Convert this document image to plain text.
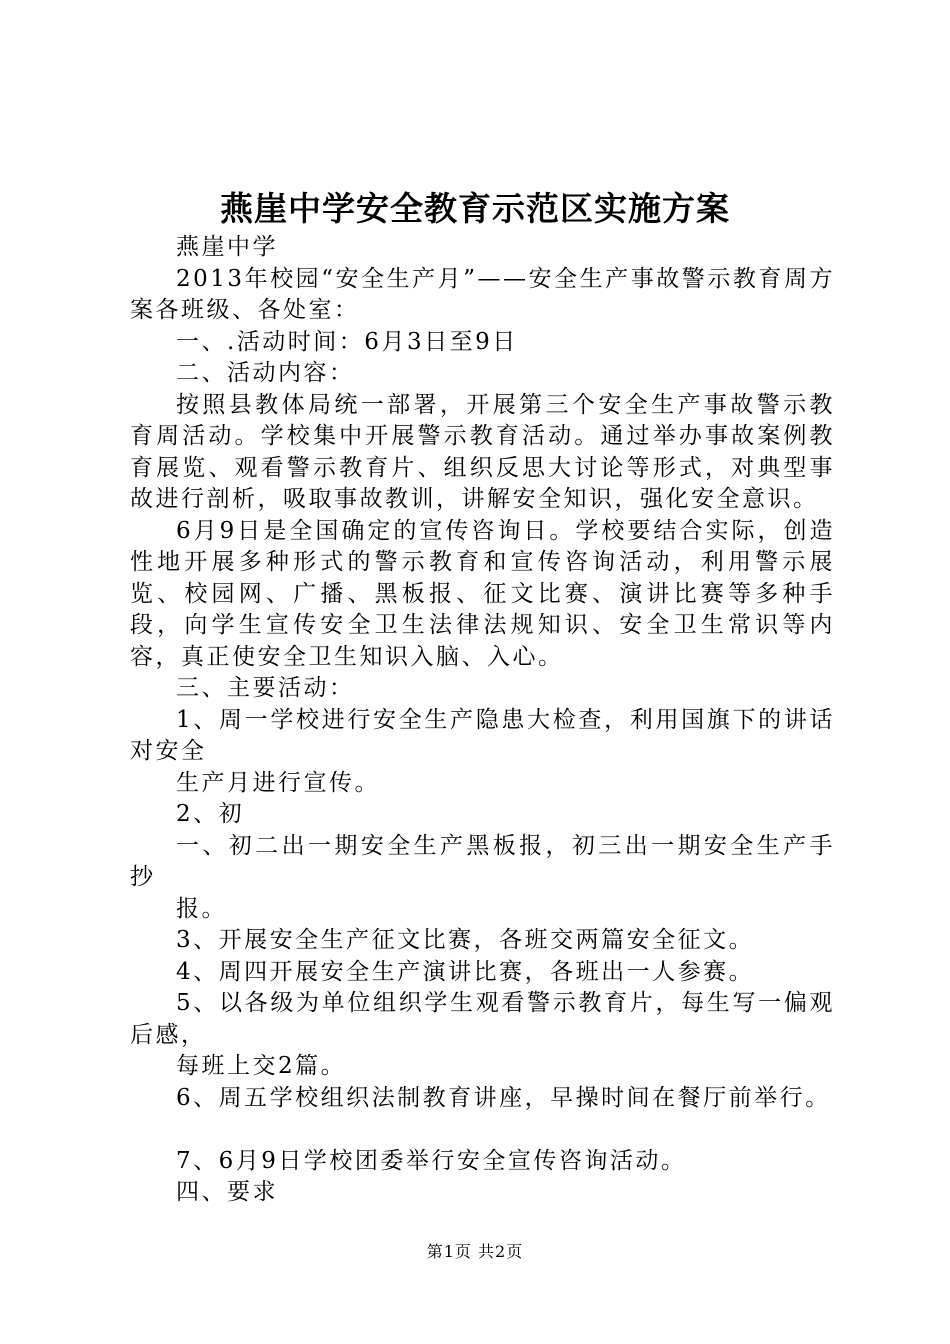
燕崖中学安全教育示范区实施方案

燕崖中学

2013年校园“安全生产月”——安全生产事故警示教育周方案各班级、各处室：

一、.活动时间：6月3日至9日

二、活动内容：

按照县教体局统一部署，开展第三个安全生产事故警示教育周活动。学校集中开展警示教育活动。通过举办事故案例教育展览、观看警示教育片、组织反思大讨论等形式，对典型事故进行剖析，吸取事故教训，讲解安全知识，强化安全意识。

6月9日是全国确定的宣传咨询日。学校要结合实际，创造性地开展多种形式的警示教育和宣传咨询活动，利用警示展览、校园网、广播、黑板报、征文比赛、演讲比赛等多种手段，向学生宣传安全卫生法律法规知识、安全卫生常识等内容，真正使安全卫生知识入脑、入心。

三、主要活动：

1、周一学校进行安全生产隐患大检查，利用国旗下的讲话对安全

生产月进行宣传。

2、初

一、初二出一期安全生产黑板报，初三出一期安全生产手抄

报。

3、开展安全生产征文比赛，各班交两篇安全征文。

4、周四开展安全生产演讲比赛，各班出一人参赛。

5、以各级为单位组织学生观看警示教育片，每生写一偏观后感，

每班上交2篇。

6、周五学校组织法制教育讲座，早操时间在餐厅前举行。

7、6月9日学校团委举行安全宣传咨询活动。

四、要求

第1页 共2页
